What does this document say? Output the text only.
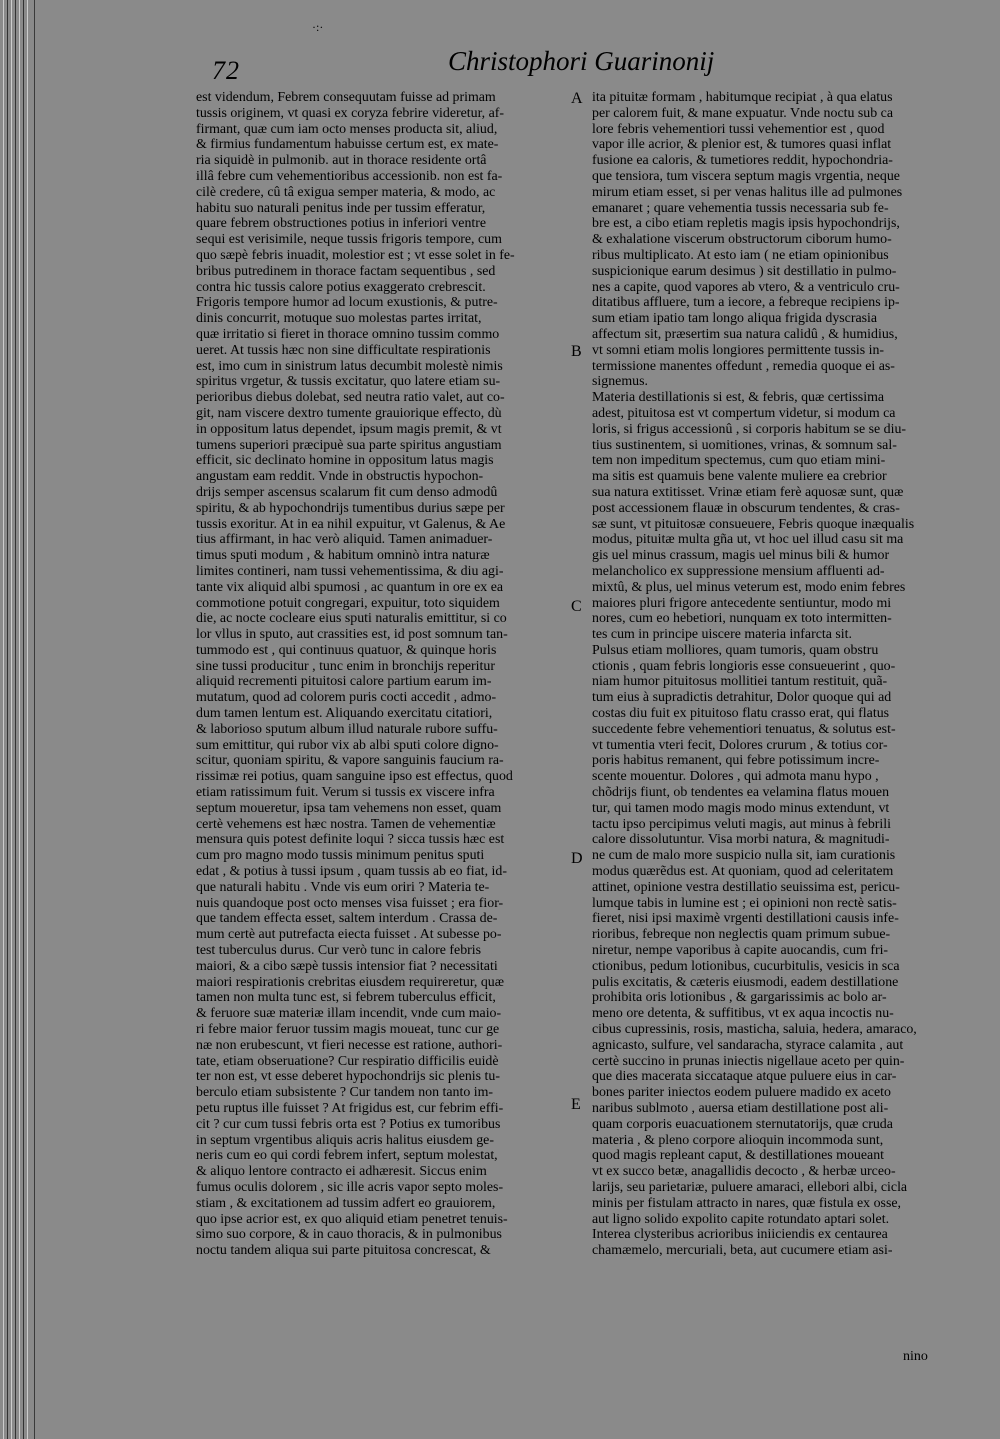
·:·
72	Christophori Guarinonij
est videndum, Febrem consequutam fuisse ad primam
tussis originem, vt quasi ex coryza febrire videretur, af-
firmant, quæ cum iam octo menses producta sit, aliud,
& firmius fundamentum habuisse certum est, ex mate-
ria siquidè in pulmonib. aut in thorace residente ortâ
illâ febre cum vehementioribus accessionib. non est fa-
cilè credere, cû tâ exigua semper materia, & modo, ac
habitu suo naturali penitus inde per tussim efferatur,
quare febrem obstructiones potius in inferiori ventre
sequi est verisimile, neque tussis frigoris tempore, cum
quo sæpè febris inuadit, molestior est ; vt esse solet in fe-
bribus putredinem in thorace factam sequentibus , sed
contra hic tussis calore potius exaggerato crebrescit.
Frigoris tempore humor ad locum exustionis, & putre-
dinis concurrit, motuque suo molestas partes irritat,
quæ irritatio si fieret in thorace omnino tussim commo
ueret. At tussis hæc non sine difficultate respirationis
est, imo cum in sinistrum latus decumbit molestè nimis
spiritus vrgetur, & tussis excitatur, quo latere etiam su-
perioribus diebus dolebat, sed neutra ratio valet, aut co-
git, nam viscere dextro tumente grauiorique effecto, dù
in oppositum latus dependet, ipsum magis premit, & vt
tumens superiori præcipuè sua parte spiritus angustiam
efficit, sic declinato homine in oppositum latus magis
angustam eam reddit. Vnde in obstructis hypochon-
drijs semper ascensus scalarum fit cum denso admodû
spiritu, & ab hypochondrijs tumentibus durius sæpe per
tussis exoritur. At in ea nihil expuitur, vt Galenus, & Ae
tius affirmant, in hac verò aliquid. Tamen animaduer-
timus sputi modum , & habitum omninò intra naturæ
limites contineri, nam tussi vehementissima, & diu agi-
tante vix aliquid albi spumosi , ac quantum in ore ex ea
commotione potuit congregari, expuitur, toto siquidem
die, ac nocte cocleare eius sputi naturalis emittitur, si co
lor vllus in sputo, aut crassities est, id post somnum tan-
tummodo est , qui continuus quatuor, & quinque horis
sine tussi producitur , tunc enim in bronchijs reperitur
aliquid recrementi pituitosi calore partium earum im-
mutatum, quod ad colorem puris cocti accedit , admo-
dum tamen lentum est. Aliquando exercitatu citatiori,
& laborioso sputum album illud naturale rubore suffu-
sum emittitur, qui rubor vix ab albi sputi colore digno-
scitur, quoniam spiritu, & vapore sanguinis faucium ra-
rissimæ rei potius, quam sanguine ipso est effectus, quod
etiam ratissimum fuit. Verum si tussis ex viscere infra
septum moueretur, ipsa tam vehemens non esset, quam
certè vehemens est hæc nostra. Tamen de vehementiæ
mensura quis potest definite loqui ? sicca tussis hæc est
cum pro magno modo tussis minimum penitus sputi
edat , & potius à tussi ipsum , quam tussis ab eo fiat, id-
que naturali habitu . Vnde vis eum oriri ? Materia te-
nuis quandoque post octo menses visa fuisset ; era fior-
que tandem effecta esset, saltem interdum . Crassa de-
mum certè aut putrefacta eiecta fuisset . At subesse po-
test tuberculus durus. Cur verò tunc in calore febris
maiori, & a cibo sæpè tussis intensior fiat ? necessitati
maiori respirationis crebritas eiusdem requireretur, quæ
tamen non multa tunc est, si febrem tuberculus efficit,
& feruore suæ materiæ illam incendit, vnde cum maio-
ri febre maior feruor tussim magis moueat, tunc cur ge
næ non erubescunt, vt fieri necesse est ratione, authori-
tate, etiam obseruatione? Cur respiratio difficilis euidè
ter non est, vt esse deberet hypochondrijs sic plenis tu-
berculo etiam subsistente ? Cur tandem non tanto im-
petu ruptus ille fuisset ? At frigidus est, cur febrim effi-
cit ? cur cum tussi febris orta est ? Potius ex tumoribus
in septum vrgentibus aliquis acris halitus eiusdem ge-
neris cum eo qui cordi febrem infert, septum molestat,
& aliquo lentore contracto ei adhæresit. Siccus enim
fumus oculis dolorem , sic ille acris vapor septo moles-
stiam , & excitationem ad tussim adfert eo grauiorem,
quo ipse acrior est, ex quo aliquid etiam penetret tenuis-
simo suo corpore, & in cauo thoracis, & in pulmonibus
noctu tandem aliqua sui parte pituitosa concrescat, &
ita pituitæ formam , habitumque recipiat , à qua elatus
per calorem fuit, & mane expuatur. Vnde noctu sub ca
lore febris vehementiori tussi vehementior est , quod
vapor ille acrior, & plenior est, & tumores quasi inflat
fusione ea caloris, & tumetiores reddit, hypochondria-
que tensiora, tum viscera septum magis vrgentia, neque
mirum etiam esset, si per venas halitus ille ad pulmones
emanaret ; quare vehementia tussis necessaria sub fe-
bre est, a cibo etiam repletis magis ipsis hypochondrijs,
& exhalatione viscerum obstructorum ciborum humo-
ribus multiplicato. At esto iam ( ne etiam opinionibus
suspicionique earum desimus ) sit destillatio in pulmo-
nes a capite, quod vapores ab vtero, & a ventriculo cru-
ditatibus affluere, tum a iecore, a febreque recipiens ip-
sum etiam ipatio tam longo aliqua frigida dyscrasia
affectum sit, præsertim sua natura calidû , & humidius,
vt somni etiam molis longiores permittente tussis in-
termissione manentes offedunt , remedia quoque ei as-
signemus.
Materia destillationis si est, & febris, quæ certissima
adest, pituitosa est vt compertum videtur, si modum ca
loris, si frigus accessionû , si corporis habitum se se diu-
tius sustinentem, si uomitiones, vrinas, & somnum sal-
tem non impeditum spectemus, cum quo etiam mini-
ma sitis est quamuis bene valente muliere ea crebrior
sua natura extitisset. Vrinæ etiam ferè aquosæ sunt, quæ
post accessionem flauæ in obscurum tendentes, & cras-
sæ sunt, vt pituitosæ consueuere, Febris quoque inæqualis
modus, pituitæ multa gña ut, vt hoc uel illud casu sit ma
gis uel minus crassum, magis uel minus bili & humor
melancholico ex suppressione mensium affluenti ad-
mixtû, & plus, uel minus veterum est, modo enim febres
maiores pluri frigore antecedente sentiuntur, modo mi
nores, cum eo hebetiori, nunquam ex toto intermitten-
tes cum in principe uiscere materia infarcta sit.
Pulsus etiam molliores, quam tumoris, quam obstru
ctionis , quam febris longioris esse consueuerint , quo-
niam humor pituitosus mollitiei tantum restituit, quã-
tum eius à supradictis detrahitur, Dolor quoque qui ad
costas diu fuit ex pituitoso flatu crasso erat, qui flatus
succedente febre vehementiori tenuatus, & solutus est-
vt tumentia vteri fecit, Dolores crurum , & totius cor-
poris habitus remanent, qui febre potissimum incre-
scente mouentur. Dolores , qui admota manu hypo ,
chõdrijs fiunt, ob tendentes ea velamina flatus mouen
tur, qui tamen modo magis modo minus extendunt, vt
tactu ipso percipimus veluti magis, aut minus à febrili
calore dissolutuntur. Visa morbi natura, & magnitudi-
ne cum de malo more suspicio nulla sit, iam curationis
modus quærẽdus est. At quoniam, quod ad celeritatem
attinet, opinione vestra destillatio seuissima est, pericu-
lumque tabis in lumine est ; ei opinioni non rectè satis-
fieret, nisi ipsi maximè vrgenti destillationi causis infe-
rioribus, febreque non neglectis quam primum subue-
niretur, nempe vaporibus à capite auocandis, cum fri-
ctionibus, pedum lotionibus, cucurbitulis, vesicis in sca
pulis excitatis, & cæteris eiusmodi, eadem destillatione
prohibita oris lotionibus , & gargarissimis ac bolo ar-
meno ore detenta, & suffitibus, vt ex aqua incoctis nu-
cibus cupressinis, rosis, masticha, saluia, hedera, amaraco,
agnicasto, sulfure, vel sandaracha, styrace calamita , aut
certè succino in prunas iniectis nigellaue aceto per quin-
que dies macerata siccataque atque puluere eius in car-
bones pariter iniectos eodem puluere madido ex aceto
naribus sublmoto , auersa etiam destillatione post ali-
quam corporis euacuationem sternutatorijs, quæ cruda
materia , & pleno corpore alioquin incommoda sunt,
quod magis repleant caput, & destillationes moueant
vt ex succo betæ, anagallidis decocto , & herbæ urceo-
larijs, seu parietariæ, puluere amaraci, ellebori albi, cicla
minis per fistulam attracto in nares, quæ fistula ex osse,
aut ligno solido expolito capite rotundato aptari solet.
Interea clysteribus acrioribus iniiciendis ex centaurea
chamæmelo, mercuriali, beta, aut cucumere etiam asi-
A
B
C
D
E
nino
